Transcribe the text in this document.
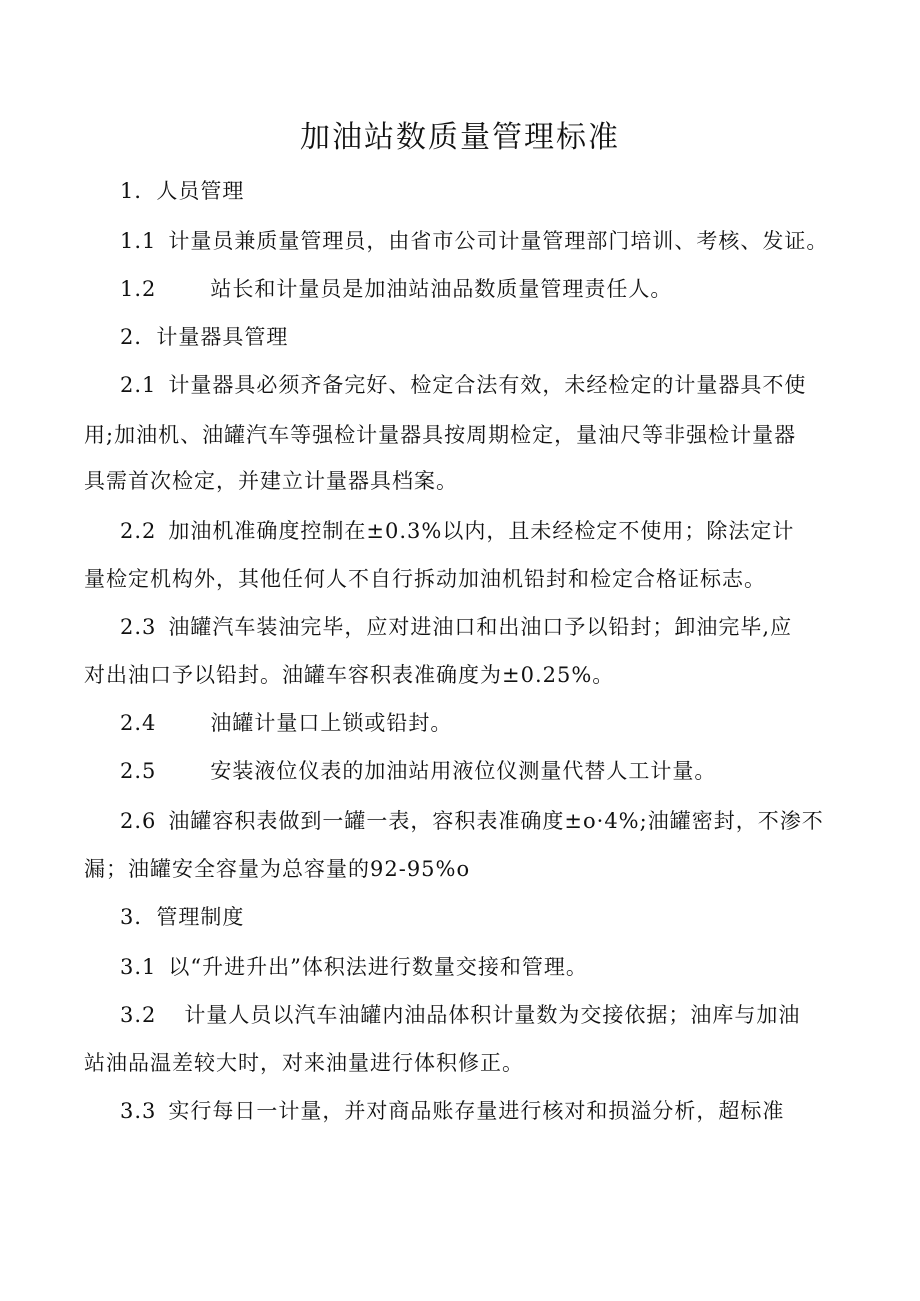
加油站数质量管理标准
1．人员管理
1.1 计量员兼质量管理员，由省市公司计量管理部门培训、考核、发证。
1.2	站长和计量员是加油站油品数质量管理责任人。
2．计量器具管理
2.1 计量器具必须齐备完好、检定合法有效，未经检定的计量器具不使
用;加油机、油罐汽车等强检计量器具按周期检定，量油尺等非强检计量器
具需首次检定，并建立计量器具档案。
2.2 加油机准确度控制在±0.3%以内，且未经检定不使用；除法定计
量检定机构外，其他任何人不自行拆动加油机铅封和检定合格证标志。
2.3 油罐汽车装油完毕，应对进油口和出油口予以铅封；卸油完毕,应
对出油口予以铅封。油罐车容积表准确度为±0.25%。
2.4	油罐计量口上锁或铅封。
2.5	安装液位仪表的加油站用液位仪测量代替人工计量。
2.6 油罐容积表做到一罐一表，容积表准确度±o·4%;油罐密封，不渗不
漏；油罐安全容量为总容量的92-95%o
3．管理制度
3.1 以“升进升出”体积法进行数量交接和管理。
3.2 计量人员以汽车油罐内油品体积计量数为交接依据；油库与加油
站油品温差较大时，对来油量进行体积修正。
3.3 实行每日一计量，并对商品账存量进行核对和损溢分析，超标准
